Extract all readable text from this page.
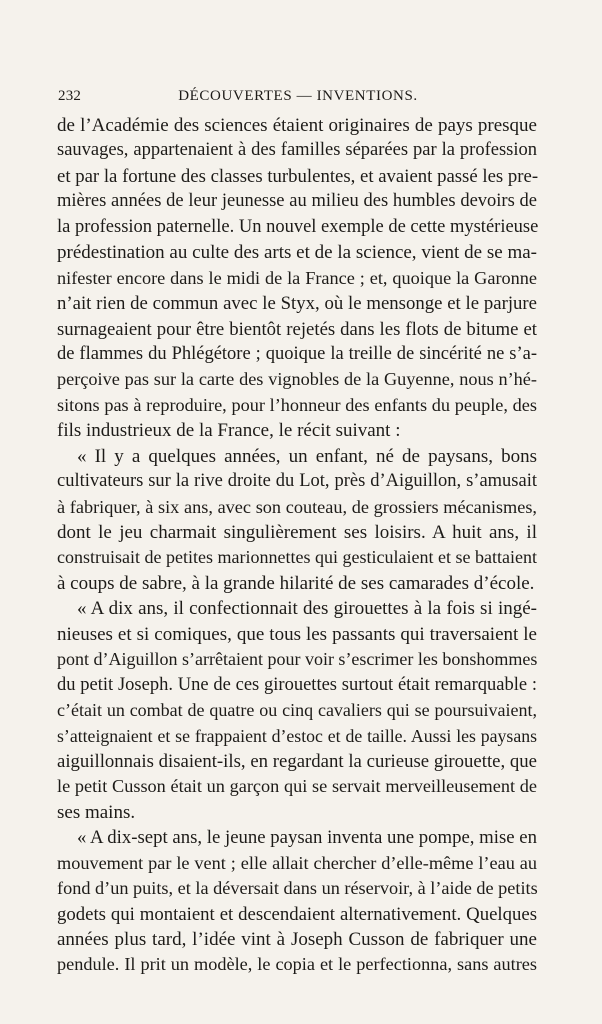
232	DÉCOUVERTES — INVENTIONS.
de l’Académie des sciences étaient originaires de pays presque
sauvages, appartenaient à des familles séparées par la profession
et par la fortune des classes turbulentes, et avaient passé les pre-
mières années de leur jeunesse au milieu des humbles devoirs de
la profession paternelle. Un nouvel exemple de cette mystérieuse
prédestination au culte des arts et de la science, vient de se ma-
nifester encore dans le midi de la France ; et, quoique la Garonne
n’ait rien de commun avec le Styx, où le mensonge et le parjure
surnageaient pour être bientôt rejetés dans les flots de bitume et
de flammes du Phlégétore ; quoique la treille de sincérité ne s’a-
perçoive pas sur la carte des vignobles de la Guyenne, nous n’hé-
sitons pas à reproduire, pour l’honneur des enfants du peuple, des
fils industrieux de la France, le récit suivant :
« Il y a quelques années, un enfant, né de paysans, bons
cultivateurs sur la rive droite du Lot, près d’Aiguillon, s’amusait
à fabriquer, à six ans, avec son couteau, de grossiers mécanismes,
dont le jeu charmait singulièrement ses loisirs. A huit ans, il
construisait de petites marionnettes qui gesticulaient et se battaient
à coups de sabre, à la grande hilarité de ses camarades d’école.
« A dix ans, il confectionnait des girouettes à la fois si ingé-
nieuses et si comiques, que tous les passants qui traversaient le
pont d’Aiguillon s’arrêtaient pour voir s’escrimer les bonshommes
du petit Joseph. Une de ces girouettes surtout était remarquable :
c’était un combat de quatre ou cinq cavaliers qui se poursuivaient,
s’atteignaient et se frappaient d’estoc et de taille. Aussi les paysans
aiguillonnais disaient-ils, en regardant la curieuse girouette, que
le petit Cusson était un garçon qui se servait merveilleusement de
ses mains.
« A dix-sept ans, le jeune paysan inventa une pompe, mise en
mouvement par le vent ; elle allait chercher d’elle-même l’eau au
fond d’un puits, et la déversait dans un réservoir, à l’aide de petits
godets qui montaient et descendaient alternativement. Quelques
années plus tard, l’idée vint à Joseph Cusson de fabriquer une
pendule. Il prit un modèle, le copia et le perfectionna, sans autres
